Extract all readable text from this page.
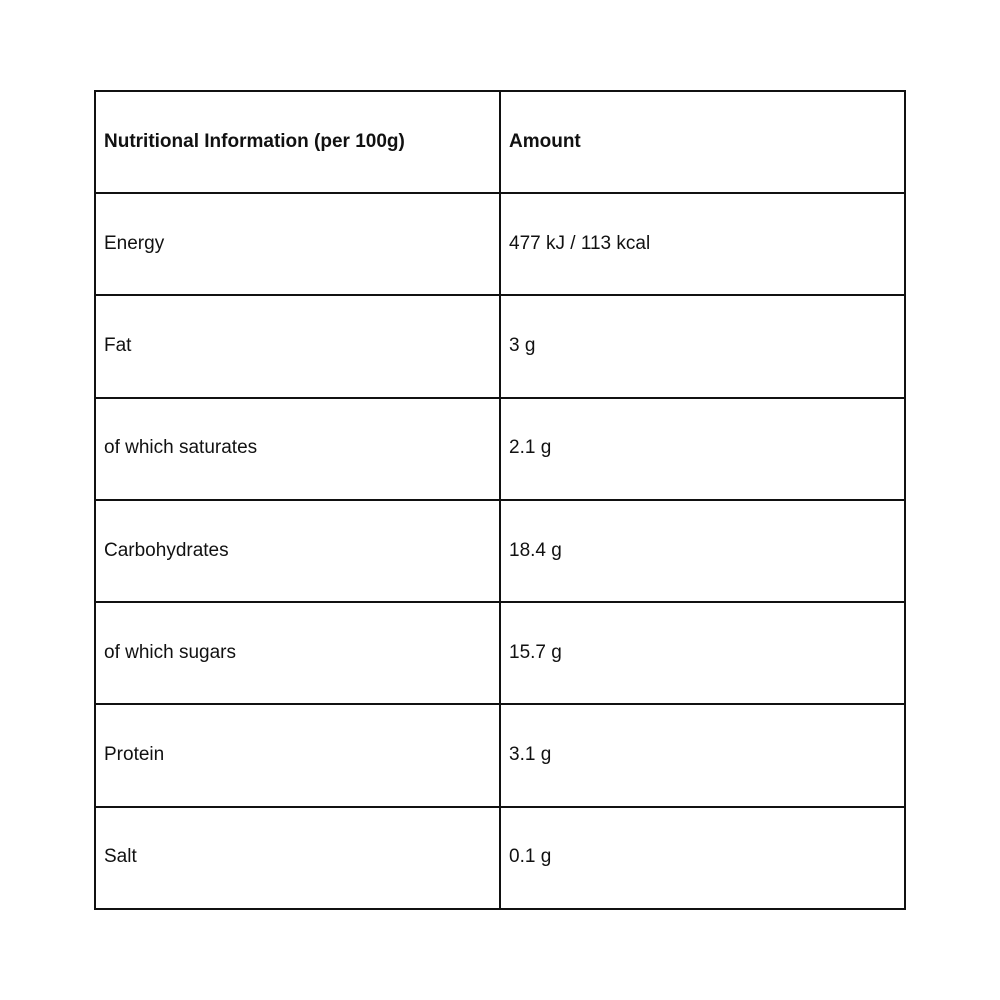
Nutritional Information (per 100g)	Amount
Energy	477 kJ / 113 kcal
Fat	3 g
of which saturates	2.1 g
Carbohydrates	18.4 g
of which sugars	15.7 g
Protein	3.1 g
Salt	0.1 g
